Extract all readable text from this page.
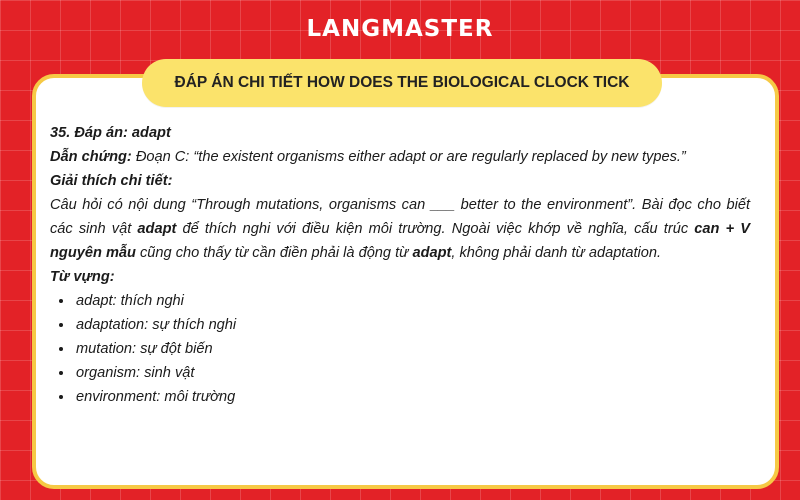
LANGMASTER
ĐÁP ÁN CHI TIẾT HOW DOES THE BIOLOGICAL CLOCK TICK

35. Đáp án: adapt

Dẫn chứng: Đoạn C: “the existent organisms either adapt or are regularly replaced by new types.”

Giải thích chi tiết:

Câu hỏi có nội dung “Through mutations, organisms can ___ better to the environment”. Bài đọc cho biết các sinh vật adapt để thích nghi với điều kiện môi trường. Ngoài việc khớp về nghĩa, cấu trúc can + V nguyên mẫu cũng cho thấy từ cần điền phải là động từ adapt, không phải danh từ adaptation.

Từ vựng:

• adapt: thích nghi
• adaptation: sự thích nghi
• mutation: sự đột biến
• organism: sinh vật
• environment: môi trường
